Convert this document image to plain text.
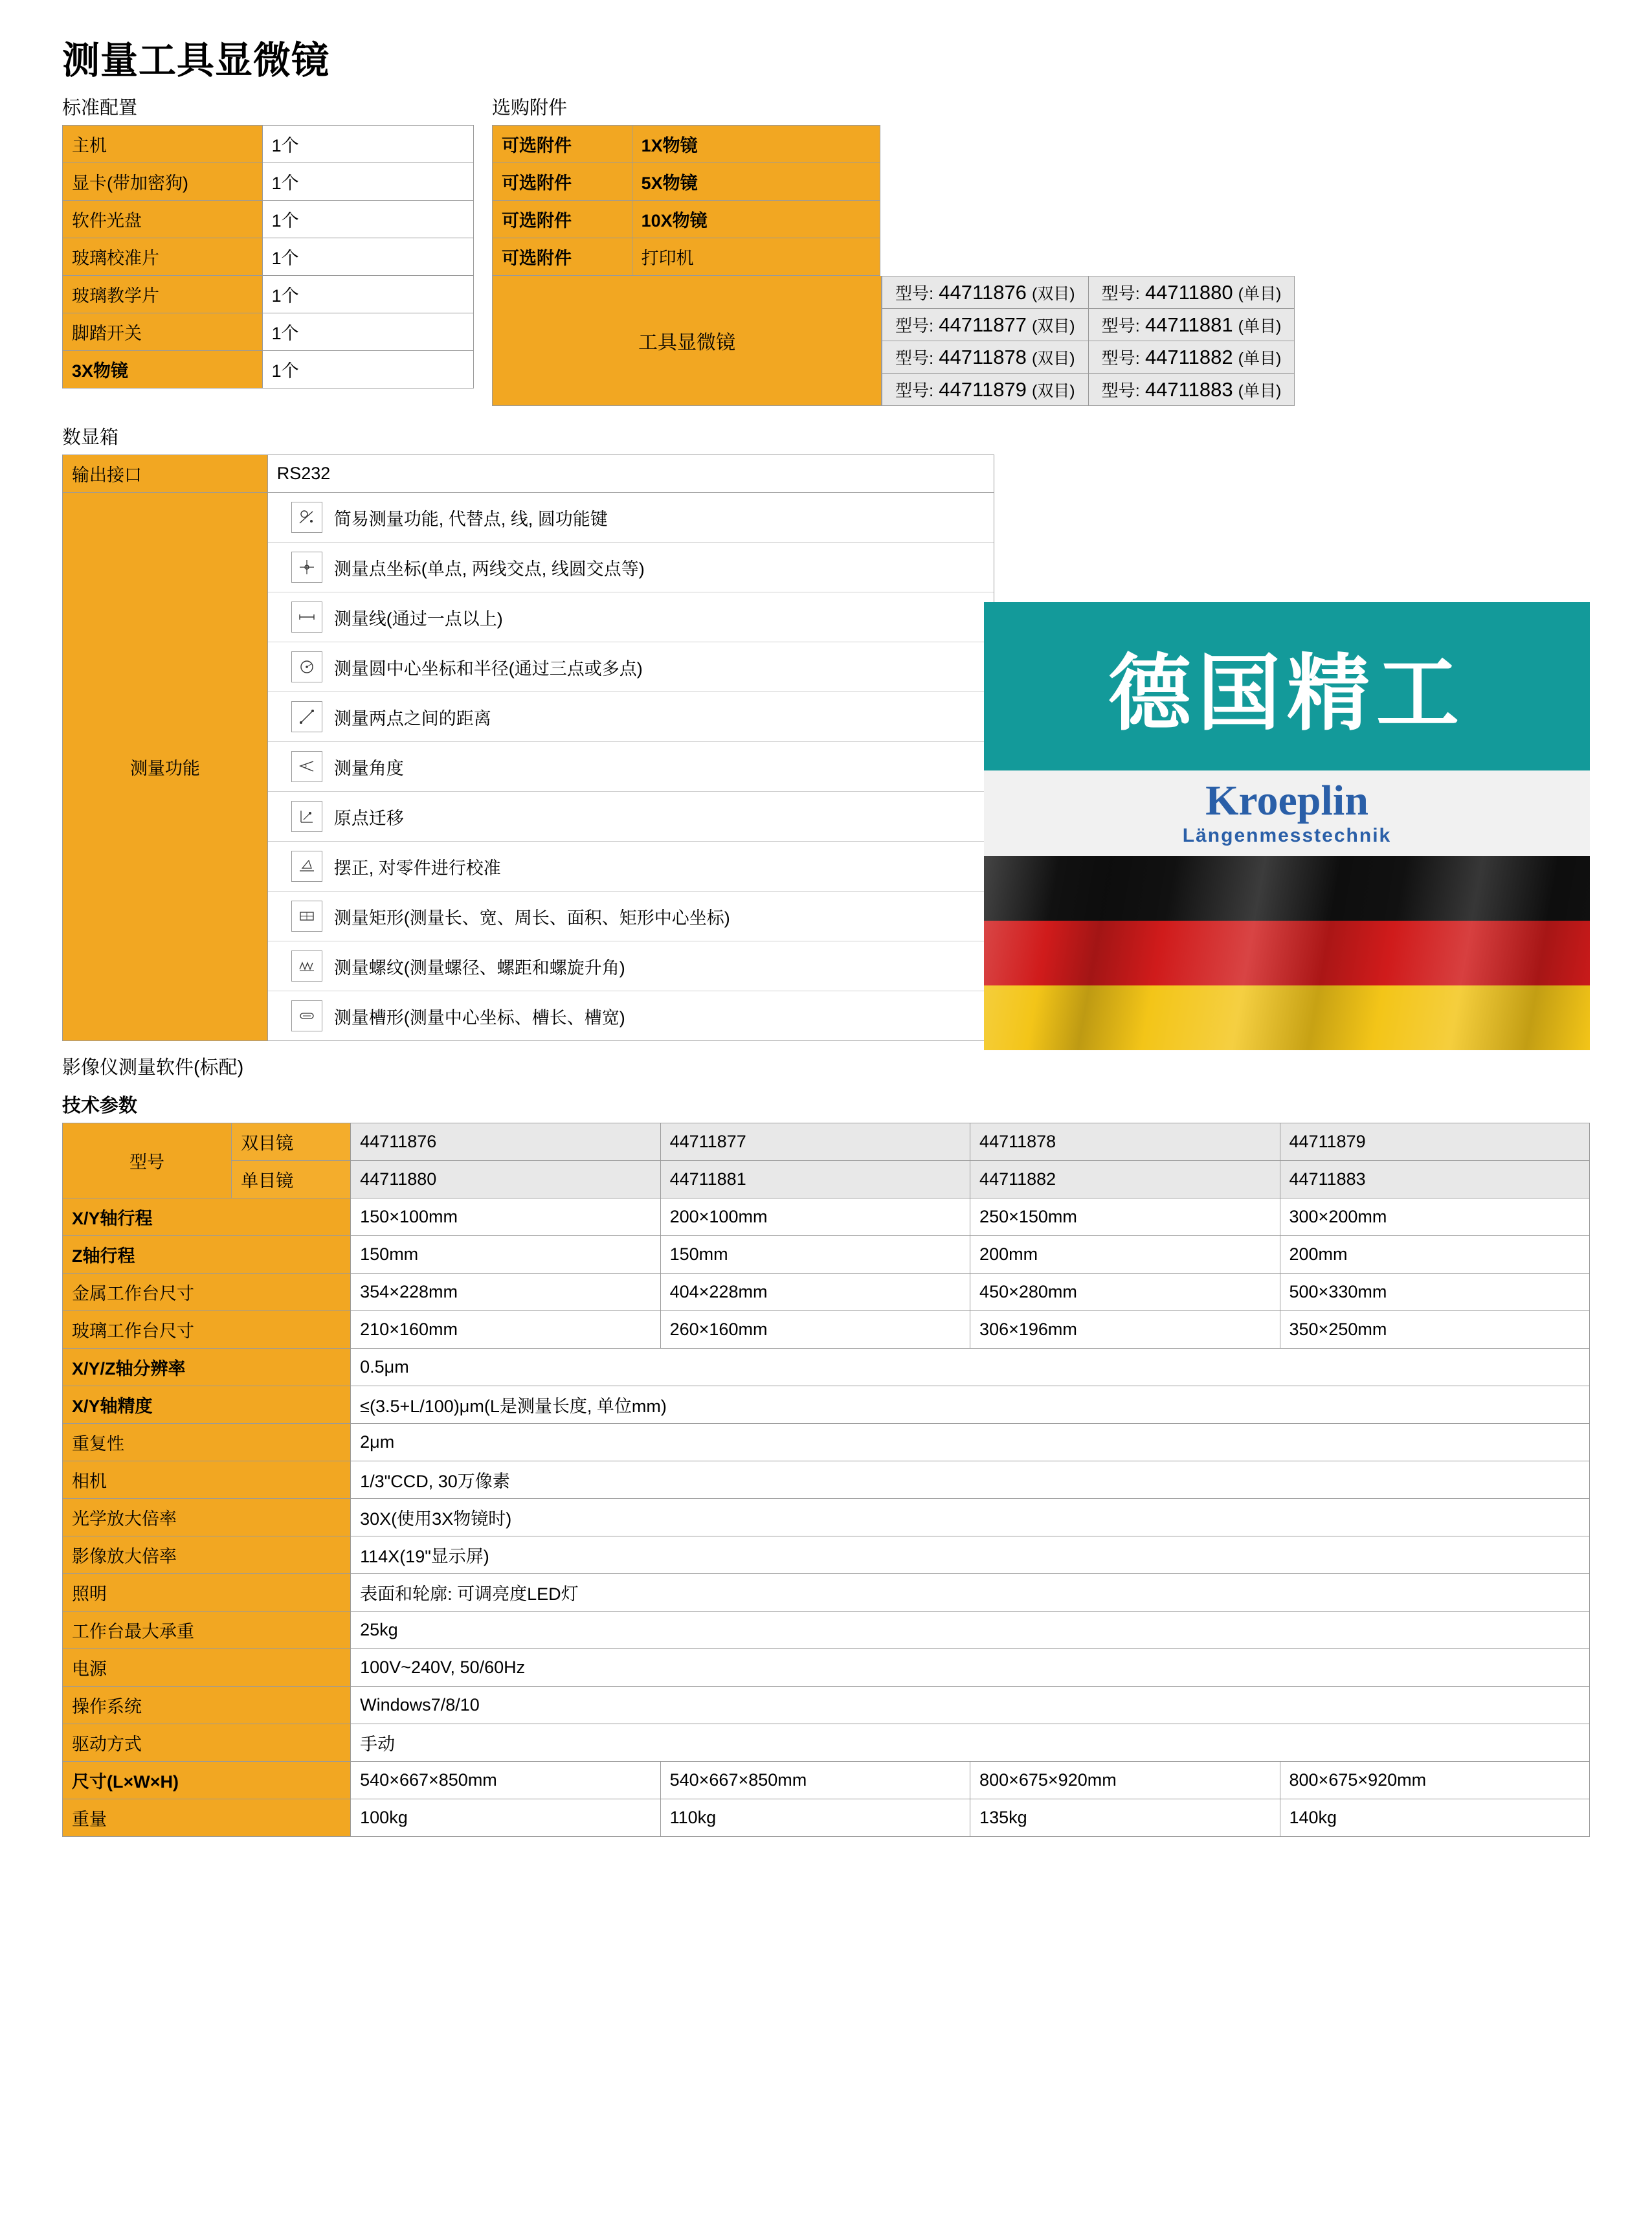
测量工具显微镜
标准配置
主机	1个
显卡(带加密狗)	1个
软件光盘	1个
玻璃校准片	1个
玻璃教学片	1个
脚踏开关	1个
3X物镜	1个
选购附件
可选附件	1X物镜
可选附件	5X物镜
可选附件	10X物镜
可选附件	打印机
工具显微镜
型号: 44711876 (双目)	型号: 44711880 (单目)
型号: 44711877 (双目)	型号: 44711881 (单目)
型号: 44711878 (双目)	型号: 44711882 (单目)
型号: 44711879 (双目)	型号: 44711883 (单目)
数显箱
输出接口	RS232
测量功能	
简易测量功能, 代替点, 线, 圆功能键
测量点坐标(单点, 两线交点, 线圆交点等)
测量线(通过一点以上)
测量圆中心坐标和半径(通过三点或多点)
测量两点之间的距离
测量角度
原点迁移
摆正, 对零件进行校准
测量矩形(测量长、宽、周长、面积、矩形中心坐标)
测量螺纹(测量螺径、螺距和螺旋升角)
测量槽形(测量中心坐标、槽长、槽宽)
德国精工
Kroeplin
Längenmesstechnik
影像仪测量软件(标配)
技术参数
型号	双目镜	44711876	44711877	44711878	44711879
	单目镜	44711880	44711881	44711882	44711883
X/Y轴行程		150×100mm	200×100mm	250×150mm	300×200mm
Z轴行程		150mm	150mm	200mm	200mm
金属工作台尺寸		354×228mm	404×228mm	450×280mm	500×330mm
玻璃工作台尺寸		210×160mm	260×160mm	306×196mm	350×250mm
X/Y/Z轴分辨率		0.5μm			
X/Y轴精度		≤(3.5+L/100)μm(L是测量长度, 单位mm)			
重复性		2μm			
相机		1/3"CCD, 30万像素			
光学放大倍率		30X(使用3X物镜时)			
影像放大倍率		114X(19"显示屏)			
照明		表面和轮廓: 可调亮度LED灯			
工作台最大承重		25kg			
电源		100V~240V, 50/60Hz			
操作系统		Windows7/8/10			
驱动方式		手动			
尺寸(L×W×H)		540×667×850mm	540×667×850mm	800×675×920mm	800×675×920mm
重量		100kg	110kg	135kg	140kg
